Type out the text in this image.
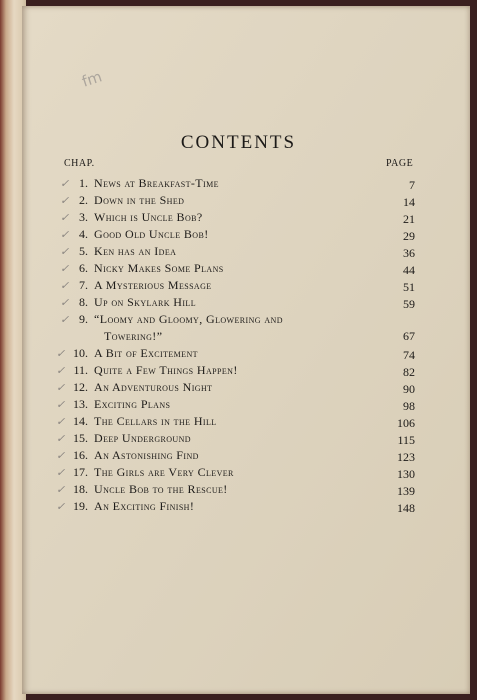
fm
CONTENTS
CHAP.	PAGE
✓ 1. News at Breakfast-Time	7
✓ 2. Down in the Shed	14
✓ 3. Which is Uncle Bob?	21
✓ 4. Good Old Uncle Bob!	29
✓ 5. Ken has an Idea	36
✓ 6. Nicky Makes Some Plans	44
✓ 7. A Mysterious Message	51
✓ 8. Up on Skylark Hill	59
✓ 9. “Loomy and Gloomy, Glowering and
Towering!”	67
✓ 10. A Bit of Excitement	74
✓ 11. Quite a Few Things Happen!	82
✓ 12. An Adventurous Night	90
✓ 13. Exciting Plans	98
✓ 14. The Cellars in the Hill	106
✓ 15. Deep Underground	115
✓ 16. An Astonishing Find	123
✓ 17. The Girls are Very Clever	130
✓ 18. Uncle Bob to the Rescue!	139
✓ 19. An Exciting Finish!	148
